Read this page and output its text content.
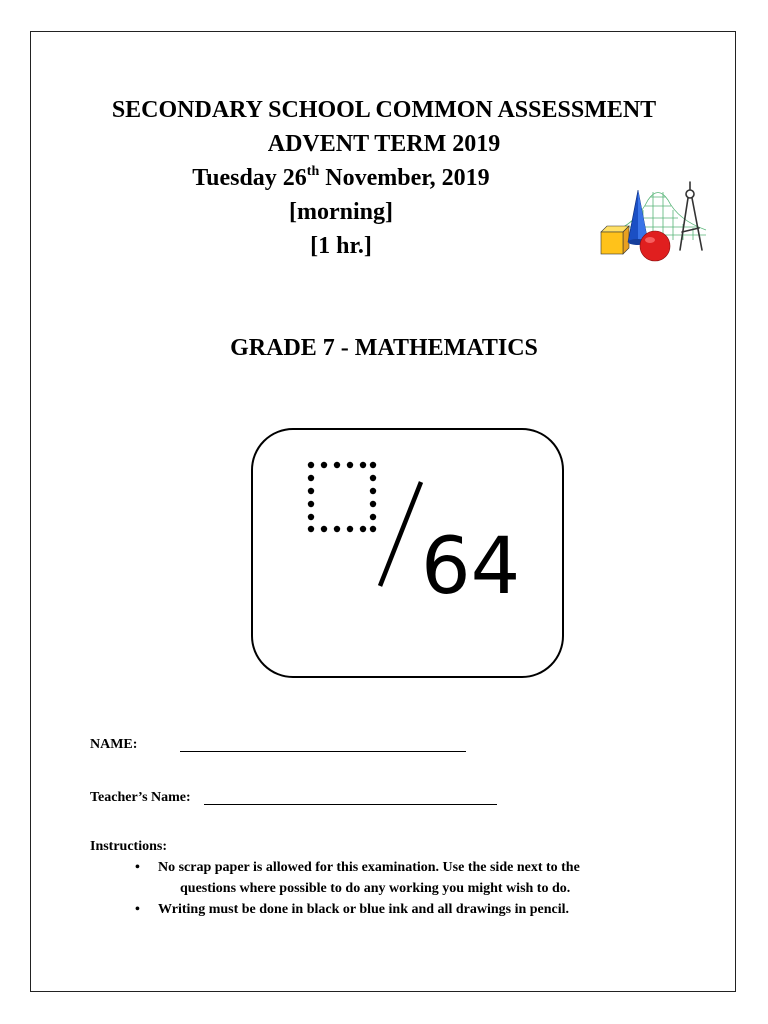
SECONDARY SCHOOL COMMON ASSESSMENT
ADVENT TERM 2019
Tuesday 26th November, 2019
[morning]
[1 hr.]
GRADE 7 - MATHEMATICS
64
NAME:
Teacher’s Name:
Instructions:
• No scrap paper is allowed for this examination. Use the side next to the
questions where possible to do any working you might wish to do.
• Writing must be done in black or blue ink and all drawings in pencil.
